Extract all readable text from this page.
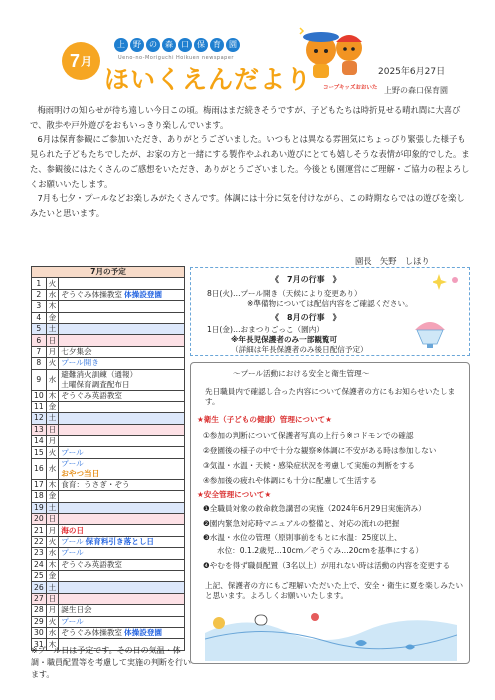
7 月
上	野	の	森	口	保	育	園
Ueno-no-Moriguchi Hoikuen newspaper
ほいくえんだより コープキッズおおいた
2025年6月27日
上野の森口保育園

梅雨明けの知らせが待ち遠しい今日この頃。梅雨はまだ続きそうですが、子どもたちは時折見せる晴れ間に大喜びで、散歩や戸外遊びをおもいっきり楽しんでいます。

6月は保育参観にご参加いただき、ありがとうございました。いつもとは異なる雰囲気にちょっぴり緊張した様子も見られた子どもたちでしたが、お家の方と一緒にする製作やふれあい遊びにとても嬉しそうな表情が印象的でした。また、参観後にはたくさんのご感想をいただき、ありがとうございました。今後とも園運営にご理解・ご協力の程よろしくお願いいたします。

7月も七夕・プールなどお楽しみがたくさんです。体調には十分に気を付けながら、この時期ならではの遊びを楽しみたいと思います。

園長　矢野　しほり
7月の予定		
1	火	
2	水	ぞうぐみ体操教室 体操設登園
3	木	
4	金	
5	土	
6	日	
7	月	七夕集会
8	火	プール開き
9	水	避難消火訓練（通報）
土曜保育調査配布日
10	木	ぞうぐみ英語教室
11	金	
12	土	
13	日	
14	月	
15	火	プール
16	水	プール
おやつ当日
17	木	食育：うさぎ・ぞう
18	金	
19	土	
20	日	
21	月	海の日
22	火	プール 保育料引き落とし日
23	水	プール
24	木	ぞうぐみ英語教室
25	金	
26	土	
27	日	
28	月	誕生日会
29	火	プール
30	水	ぞうぐみ体操教室 体操設登園
31	木	
※プール日は予定です。その日の気温・体調・職員配置等を考慮して実施の判断を行います。
《　7月の行事　》
8日(火)…プール開き（天候により変更あり）
※準備物については配信内容をご確認ください。
《　8月の行事　》
1日(金)…おまつりごっこ（園内）
※年長児保護者のみ一部観覧可
（詳細は年長保護者のみ後日配信予定）
～プール活動における安全と衛生管理～
先日職員内で確認し合った内容について保護者の方にもお知らせいたします。
★衛生（子どもの健康）管理について★
①参加の判断について保護者写真の上行う※コドモンでの確認
②登園後の様子の中で十分な観察※体調に不安がある時は参加しない
③気温・水温・天候・感染症状況を考慮して実施の判断をする
④参加後の疲れや体調にも十分に配慮して生活する
★安全管理について★
❶全職員対象の救命救急講習の実施（2024年6月29日実施済み）
❷園内緊急対応時マニュアルの整備と、対応の流れの把握
❸水温・水位の管理（原則事前をもとに水温：25度以上、
水位：0.1.2歳児…10cm／ぞうぐみ…20cmを基準にする）
❹やむを得ず職員配置（3名以上）が用れない時は活動の内容を変更する
上記、保護者の方にもご理解いただいた上で、安全・衛生に夏を楽しみたいと思います。よろしくお願いいたします。
